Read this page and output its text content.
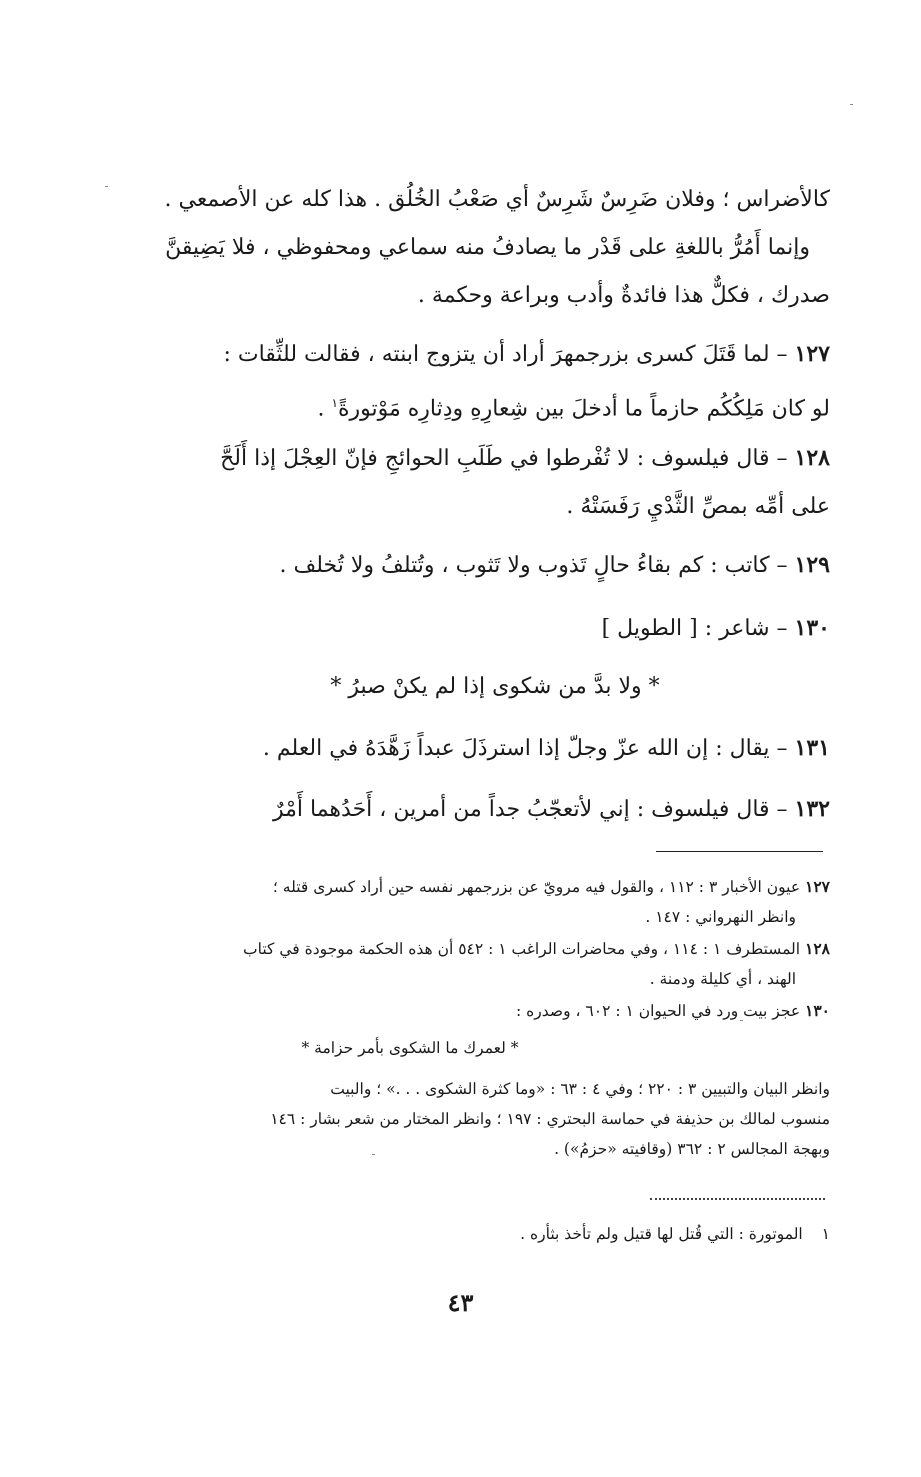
كالأضراس ؛ وفلان ضَرِسٌ شَرِسٌ أي صَعْبُ الخُلُق . هذا كله عن الأصمعي .
وإنما أَمُرُّ باللغةِ على قَدْر ما يصادفُ منه سماعي ومحفوظي ، فلا يَضِيقنَّ
صدرك ، فكلٌّ هذا فائدةٌ وأدب وبراعة وحكمة .
١٢٧ – لما قَتَلَ كسرى بزرجمهرَ أراد أن يتزوج ابنته ، فقالت للثِّقات :
لو كان مَلِكُكُم حازماً ما أدخلَ بين شِعارِهِ ودِثارِه مَوْتورةً$^١$ .
١٢٨ – قال فيلسوف : لا تُفْرطوا في طَلَبِ الحوائجِ فإنّ العِجْلَ إذا أَلَحَّ
على أمِّه بمصِّ الثَّدْيِ رَفَسَتْهُ .
١٢٩ – كاتب : كم بقاءُ حالٍ تَذوب ولا تَثوب ، وتُتلفُ ولا تُخلف .
١٣٠ – شاعر : [ الطويل ]
* ولا بدَّ من شكوى إذا لم يكنْ صبرُ *
١٣١ – يقال : إن الله عزّ وجلّ إذا استرذَلَ عبداً زَهَّدَهُ في العلم .
١٣٢ – قال فيلسوف : إني لأتعجّبُ جداً من أمرين ، أَحَدُهما أَمْرٌ
١٢٧ عيون الأخبار ٣ : ١١٢ ، والقول فيه مرويّ عن بزرجمهر نفسه حين أراد كسرى قتله ؛
وانظر النهرواني : ١٤٧ .
١٢٨ المستطرف ١ : ١١٤ ، وفي محاضرات الراغب ١ : ٥٤٢ أن هذه الحكمة موجودة في كتاب
الهند ، أي كليلة ودمنة .
١٣٠ عجز بيت ورد في الحيوان ١ : ٦٠٢ ، وصدره :
* لعمرك ما الشكوى بأمر حزامة *
وانظر البيان والتبيين ٣ : ٢٢٠ ؛ وفي ٤ : ٦٣ : «وما كثرة الشكوى . . .» ؛ والبيت
منسوب لمالك بن حذيفة في حماسة البحتري : ١٩٧ ؛ وانظر المختار من شعر بشار : ١٤٦
وبهجة المجالس ٢ : ٣٦٢ (وقافيته «حزمُ») .
١ الموتورة : التي قُتل لها قتيل ولم تأخذ بثأره .
٤٣
